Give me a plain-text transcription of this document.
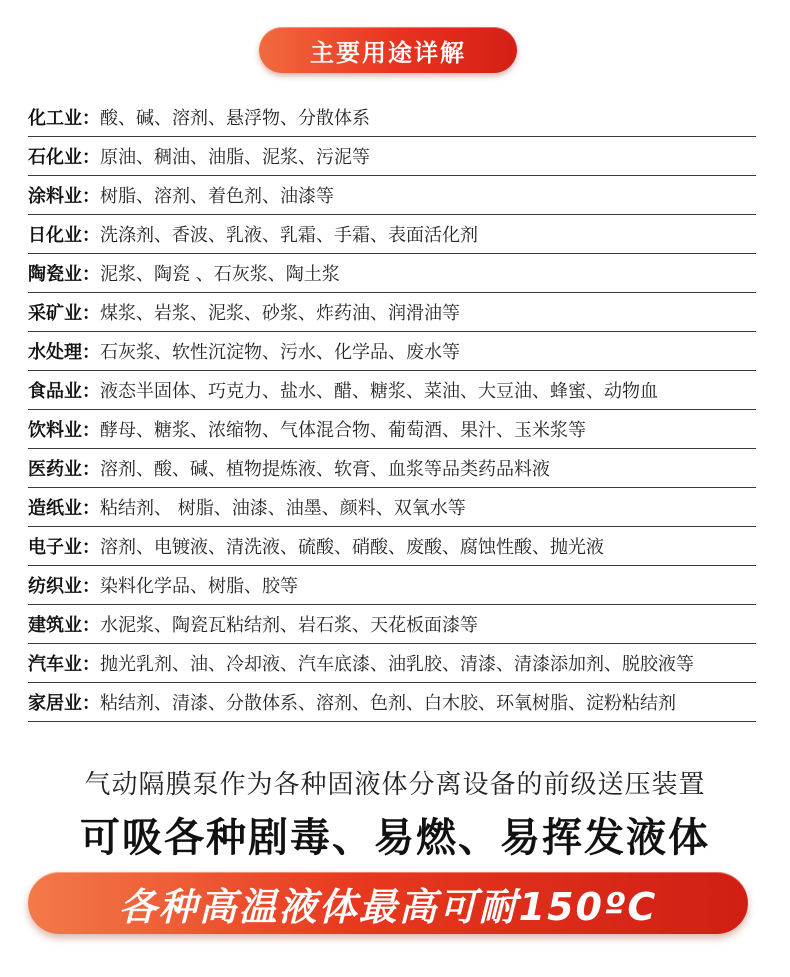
主要用途详解
化工业： 酸、碱、溶剂、悬浮物、分散体系
石化业： 原油、稠油、油脂、泥浆、污泥等
涂料业： 树脂、溶剂、着色剂、油漆等
日化业： 洗涤剂、香波、乳液、乳霜、手霜、表面活化剂
陶瓷业： 泥浆、陶瓷 、石灰浆、陶土浆
采矿业： 煤浆、岩浆、泥浆、砂浆、炸药油、润滑油等
水处理： 石灰浆、软性沉淀物、污水、化学品、废水等
食品业： 液态半固体、巧克力、盐水、醋、糖浆、菜油、大豆油、蜂蜜、动物血
饮料业： 酵母、糖浆、浓缩物、气体混合物、葡萄酒、果汁、玉米浆等
医药业： 溶剂、酸、碱、植物提炼液、软膏、血浆等品类药品料液
造纸业： 粘结剂、 树脂、油漆、油墨、颜料、双氧水等
电子业： 溶剂、电镀液、清洗液、硫酸、硝酸、废酸、腐蚀性酸、抛光液
纺织业： 染料化学品、树脂、胶等
建筑业： 水泥浆、陶瓷瓦粘结剂、岩石浆、天花板面漆等
汽车业： 抛光乳剂、油、冷却液、汽车底漆、油乳胶、清漆、清漆添加剂、脱胶液等
家居业： 粘结剂、清漆、分散体系、溶剂、色剂、白木胶、环氧树脂、淀粉粘结剂
气动隔膜泵作为各种固液体分离设备的前级送压装置
可吸各种剧毒、易燃、易挥发液体
各种高温液体最高可耐150ºC
